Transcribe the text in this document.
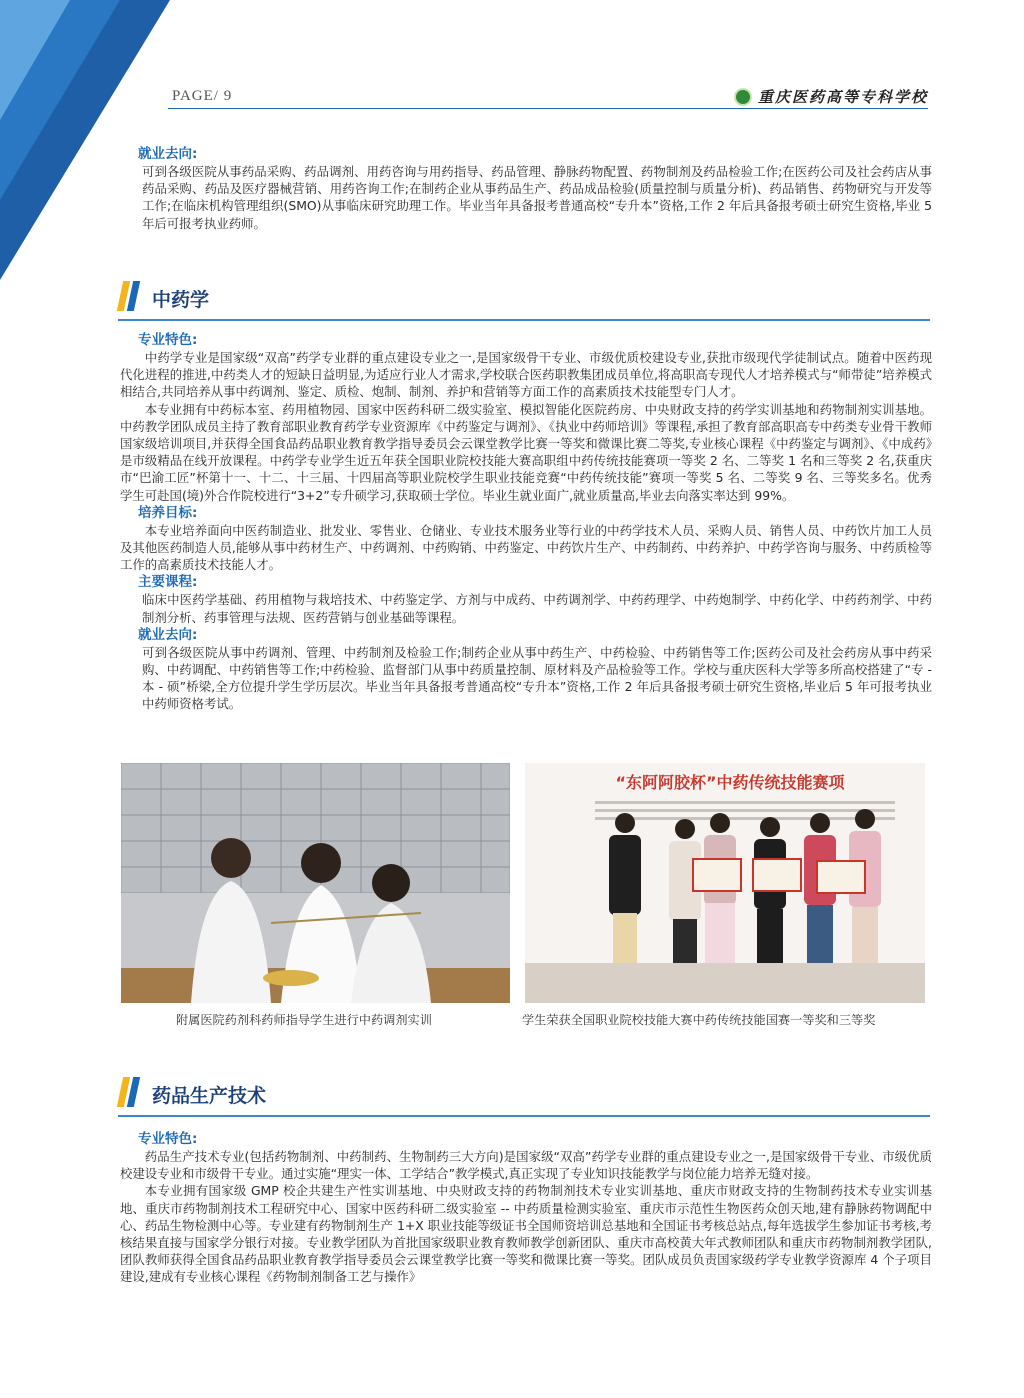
PAGE/ 9	重庆医药高等专科学校
就业去向:

可到各级医院从事药品采购、药品调剂、用药咨询与用药指导、药品管理、静脉药物配置、药物制剂及药品检验工作;在医药公司及社会药店从事药品采购、药品及医疗器械营销、用药咨询工作;在制药企业从事药品生产、药品成品检验(质量控制与质量分析)、药品销售、药物研究与开发等工作;在临床机构管理组织(SMO)从事临床研究助理工作。毕业当年具备报考普通高校“专升本”资格,工作 2 年后具备报考硕士研究生资格,毕业 5 年后可报考执业药师。

中药学
专业特色:

中药学专业是国家级“双高”药学专业群的重点建设专业之一,是国家级骨干专业、市级优质校建设专业,获批市级现代学徒制试点。随着中医药现代化进程的推进,中药类人才的短缺日益明显,为适应行业人才需求,学校联合医药职教集团成员单位,将高职高专现代人才培养模式与“师带徒”培养模式相结合,共同培养从事中药调剂、鉴定、质检、炮制、制剂、养护和营销等方面工作的高素质技术技能型专门人才。

本专业拥有中药标本室、药用植物园、国家中医药科研二级实验室、模拟智能化医院药房、中央财政支持的药学实训基地和药物制剂实训基地。中药教学团队成员主持了教育部职业教育药学专业资源库《中药鉴定与调剂》、《执业中药师培训》等课程,承担了教育部高职高专中药类专业骨干教师国家级培训项目,并获得全国食品药品职业教育教学指导委员会云课堂教学比赛一等奖和微课比赛二等奖,专业核心课程《中药鉴定与调剂》、《中成药》是市级精品在线开放课程。中药学专业学生近五年获全国职业院校技能大赛高职组中药传统技能赛项一等奖 2 名、二等奖 1 名和三等奖 2 名,获重庆市“巴渝工匠”杯第十一、十二、十三届、十四届高等职业院校学生职业技能竞赛“中药传统技能”赛项一等奖 5 名、二等奖 9 名、三等奖多名。优秀学生可赴国(境)外合作院校进行“3+2”专升硕学习,获取硕士学位。毕业生就业面广,就业质量高,毕业去向落实率达到 99%。

培养目标:

本专业培养面向中医药制造业、批发业、零售业、仓储业、专业技术服务业等行业的中药学技术人员、采购人员、销售人员、中药饮片加工人员及其他医药制造人员,能够从事中药材生产、中药调剂、中药购销、中药鉴定、中药饮片生产、中药制药、中药养护、中药学咨询与服务、中药质检等工作的高素质技术技能人才。

主要课程:

临床中医药学基础、药用植物与栽培技术、中药鉴定学、方剂与中成药、中药调剂学、中药药理学、中药炮制学、中药化学、中药药剂学、中药制剂分析、药事管理与法规、医药营销与创业基础等课程。

就业去向:

可到各级医院从事中药调剂、管理、中药制剂及检验工作;制药企业从事中药生产、中药检验、中药销售等工作;医药公司及社会药房从事中药采购、中药调配、中药销售等工作;中药检验、监督部门从事中药质量控制、原材料及产品检验等工作。学校与重庆医科大学等多所高校搭建了“专 - 本 - 硕”桥梁,全方位提升学生学历层次。毕业当年具备报考普通高校“专升本”资格,工作 2 年后具备报考硕士研究生资格,毕业后 5 年可报考执业中药师资格考试。

附属医院药剂科药师指导学生进行中药调剂实训
“东阿阿胶杯”中药传统技能赛项
学生荣获全国职业院校技能大赛中药传统技能国赛一等奖和三等奖
药品生产技术
专业特色:

药品生产技术专业(包括药物制剂、中药制药、生物制药三大方向)是国家级“双高”药学专业群的重点建设专业之一,是国家级骨干专业、市级优质校建设专业和市级骨干专业。通过实施“理实一体、工学结合”教学模式,真正实现了专业知识技能教学与岗位能力培养无缝对接。

本专业拥有国家级 GMP 校企共建生产性实训基地、中央财政支持的药物制剂技术专业实训基地、重庆市财政支持的生物制药技术专业实训基地、重庆市药物制剂技术工程研究中心、国家中医药科研二级实验室 -- 中药质量检测实验室、重庆市示范性生物医药众创天地,建有静脉药物调配中心、药品生物检测中心等。专业建有药物制剂生产 1+X 职业技能等级证书全国师资培训总基地和全国证书考核总站点,每年选拔学生参加证书考核,考核结果直接与国家学分银行对接。专业教学团队为首批国家级职业教育教师教学创新团队、重庆市高校黄大年式教师团队和重庆市药物制剂教学团队,团队教师获得全国食品药品职业教育教学指导委员会云课堂教学比赛一等奖和微课比赛一等奖。团队成员负责国家级药学专业教学资源库 4 个子项目建设,建成有专业核心课程《药物制剂制备工艺与操作》
